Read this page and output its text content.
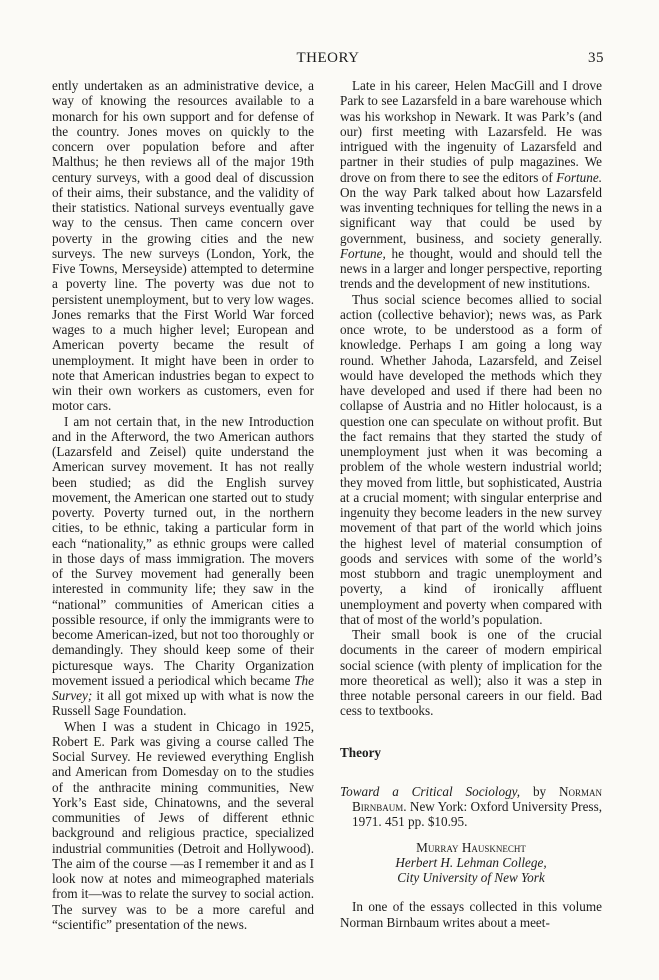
THEORY	35

ently undertaken as an administrative device, a way of knowing the resources available to a monarch for his own support and for defense of the country. Jones moves on quickly to the concern over population before and after Malthus; he then reviews all of the major 19th century surveys, with a good deal of discussion of their aims, their substance, and the validity of their statistics. National surveys eventually gave way to the census. Then came concern over poverty in the growing cities and the new surveys. The new surveys (London, York, the Five Towns, Merseyside) attempted to determine a poverty line. The poverty was due not to persistent unemployment, but to very low wages. Jones remarks that the First World War forced wages to a much higher level; European and American poverty became the result of unemployment. It might have been in order to note that American industries began to expect to win their own workers as customers, even for motor cars.

I am not certain that, in the new Introduction and in the Afterword, the two American authors (Lazarsfeld and Zeisel) quite understand the American survey movement. It has not really been studied; as did the English survey movement, the American one started out to study poverty. Poverty turned out, in the northern cities, to be ethnic, taking a particular form in each “nationality,” as ethnic groups were called in those days of mass immigration. The movers of the Survey movement had generally been interested in community life; they saw in the “national” communities of American cities a possible resource, if only the immigrants were to become American-ized, but not too thoroughly or demandingly. They should keep some of their picturesque ways. The Charity Organization movement issued a periodical which became The Survey; it all got mixed up with what is now the Russell Sage Foundation.

When I was a student in Chicago in 1925, Robert E. Park was giving a course called The Social Survey. He reviewed everything English and American from Domesday on to the studies of the anthracite mining communities, New York’s East side, Chinatowns, and the several communities of Jews of different ethnic background and religious practice, specialized industrial communities (Detroit and Hollywood). The aim of the course —as I remember it and as I look now at notes and mimeographed materials from it—was to relate the survey to social action. The survey was to be a more careful and “scientific” presentation of the news.

Late in his career, Helen MacGill and I drove Park to see Lazarsfeld in a bare warehouse which was his workshop in Newark. It was Park’s (and our) first meeting with Lazarsfeld. He was intrigued with the ingenuity of Lazarsfeld and partner in their studies of pulp magazines. We drove on from there to see the editors of Fortune. On the way Park talked about how Lazarsfeld was inventing techniques for telling the news in a significant way that could be used by government, business, and society generally. Fortune, he thought, would and should tell the news in a larger and longer perspective, reporting trends and the development of new institutions.

Thus social science becomes allied to social action (collective behavior); news was, as Park once wrote, to be understood as a form of knowledge. Perhaps I am going a long way round. Whether Jahoda, Lazarsfeld, and Zeisel would have developed the methods which they have developed and used if there had been no collapse of Austria and no Hitler holocaust, is a question one can speculate on without profit. But the fact remains that they started the study of unemployment just when it was becoming a problem of the whole western industrial world; they moved from little, but sophisticated, Austria at a crucial moment; with singular enterprise and ingenuity they become leaders in the new survey movement of that part of the world which joins the highest level of material consumption of goods and services with some of the world’s most stubborn and tragic unemployment and poverty, a kind of ironically affluent unemployment and poverty when compared with that of most of the world’s population.

Their small book is one of the crucial documents in the career of modern empirical social science (with plenty of implication for the more theoretical as well); also it was a step in three notable personal careers in our field. Bad cess to textbooks.

Theory

Toward a Critical Sociology, by Norman Birnbaum. New York: Oxford University Press, 1971. 451 pp. $10.95.

Murray Hausknecht

Herbert H. Lehman College,

City University of New York

In one of the essays collected in this volume Norman Birnbaum writes about a meet-
